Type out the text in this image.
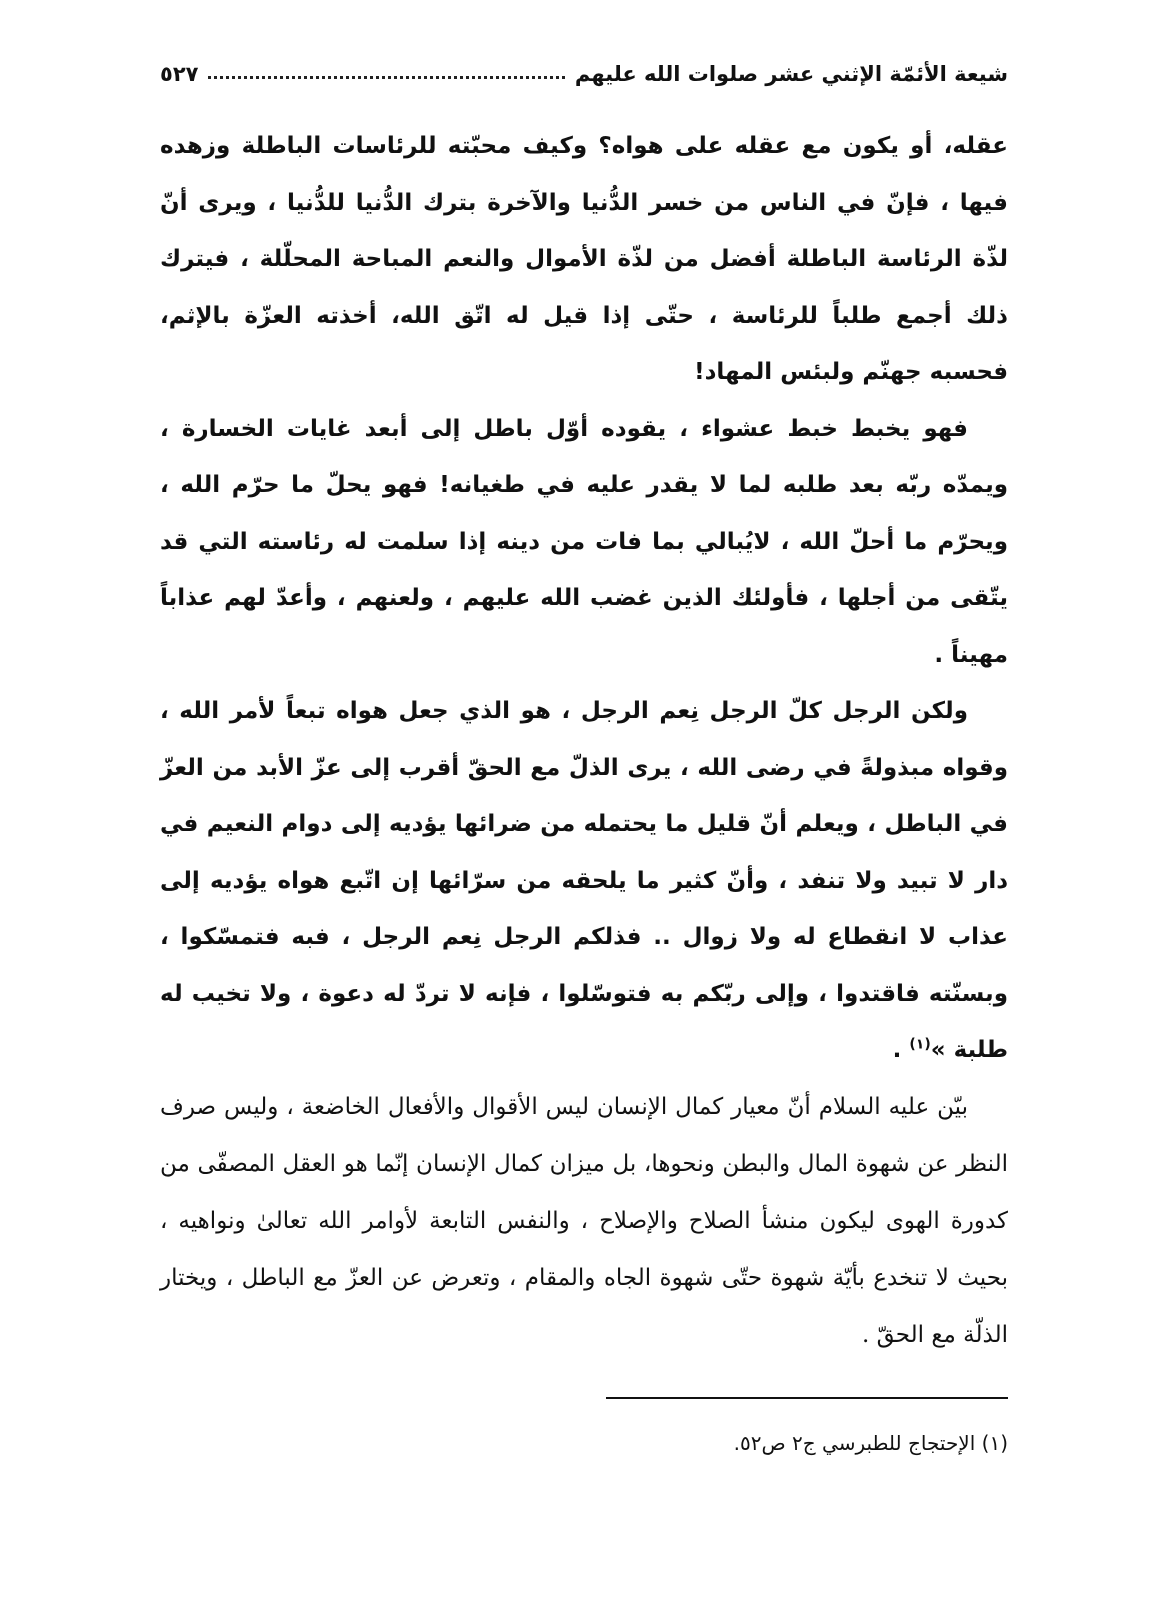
شيعة الأئمّة الإثني عشر صلوات الله عليهم
٥٢٧

عقله، أو يكون مع عقله على هواه؟ وكيف محبّته للرئاسات الباطلة وزهده فيها ، فإنّ في الناس من خسر الدُّنيا والآخرة بترك الدُّنيا للدُّنيا ، ويرى أنّ لذّة الرئاسة الباطلة أفضل من لذّة الأموال والنعم المباحة المحلّلة ، فيترك ذلك أجمع طلباً للرئاسة ، حتّى إذا قيل له اتّق الله، أخذته العزّة بالإثم، فحسبه جهنّم ولبئس المهاد!

فهو يخبط خبط عشواء ، يقوده أوّل باطل إلى أبعد غايات الخسارة ، ويمدّه ربّه بعد طلبه لما لا يقدر عليه في طغيانه! فهو يحلّ ما حرّم الله ، ويحرّم ما أحلّ الله ، لايُبالي بما فات من دينه إذا سلمت له رئاسته التي قد يتّقى من أجلها ، فأولئك الذين غضب الله عليهم ، ولعنهم ، وأعدّ لهم عذاباً مهيناً .

ولكن الرجل كلّ الرجل نِعم الرجل ، هو الذي جعل هواه تبعاً لأمر الله ، وقواه مبذولةً في رضى الله ، يرى الذلّ مع الحقّ أقرب إلى عزّ الأبد من العزّ في الباطل ، ويعلم أنّ قليل ما يحتمله من ضرائها يؤديه إلى دوام النعيم في دار لا تبيد ولا تنفد ، وأنّ كثير ما يلحقه من سرّائها إن اتّبع هواه يؤديه إلى عذاب لا انقطاع له ولا زوال .. فذلكم الرجل نِعم الرجل ، فبه فتمسّكوا ، وبسنّته فاقتدوا ، وإلى ربّكم به فتوسّلوا ، فإنه لا تردّ له دعوة ، ولا تخيب له طلبة »$^{(١)}$ .

بيّن عليه السلام أنّ معيار كمال الإنسان ليس الأقوال والأفعال الخاضعة ، وليس صرف النظر عن شهوة المال والبطن ونحوها، بل ميزان كمال الإنسان إنّما هو العقل المصفّى من كدورة الهوى ليكون منشأ الصلاح والإصلاح ، والنفس التابعة لأوامر الله تعالىٰ ونواهيه ، بحيث لا تنخدع بأيّة شهوة حتّى شهوة الجاه والمقام ، وتعرض عن العزّ مع الباطل ، ويختار الذلّة مع الحقّ .

(١) الإحتجاج للطبرسي ج٢ ص٥٢.
